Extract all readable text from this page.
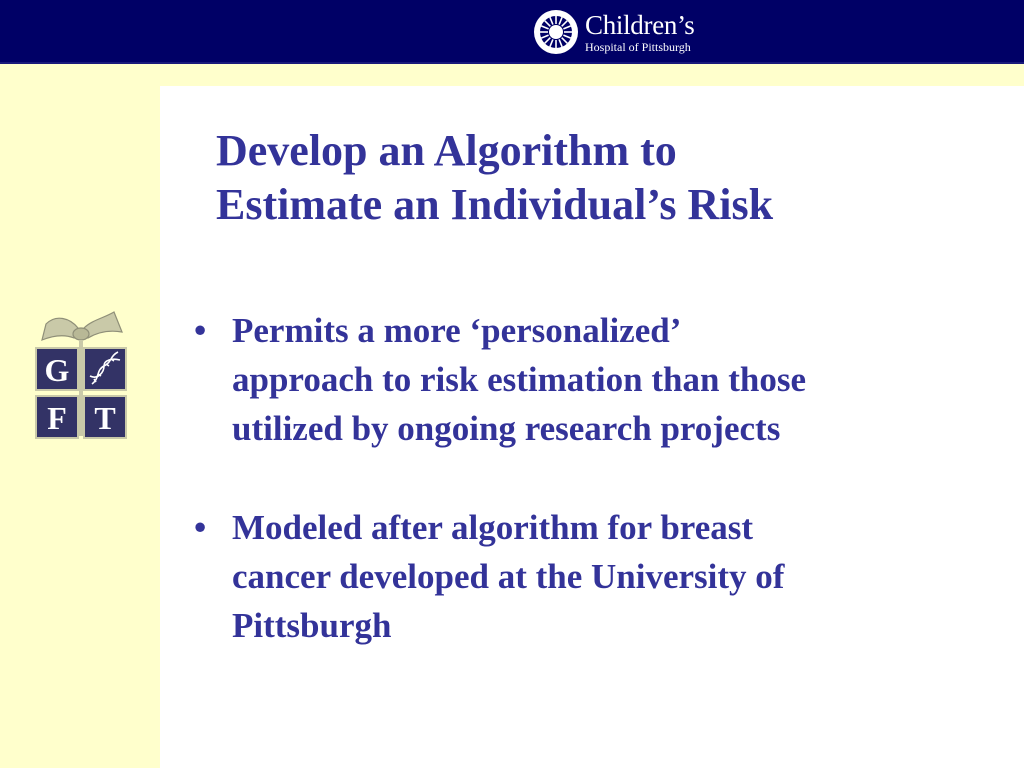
Children’s
Hospital of Pittsburgh
G
F T
Develop an Algorithm to
Estimate an Individual’s Risk
• Permits a more ‘personalized’
approach to risk estimation than those
utilized by ongoing research projects
• Modeled after algorithm for breast
cancer developed at the University of
Pittsburgh
